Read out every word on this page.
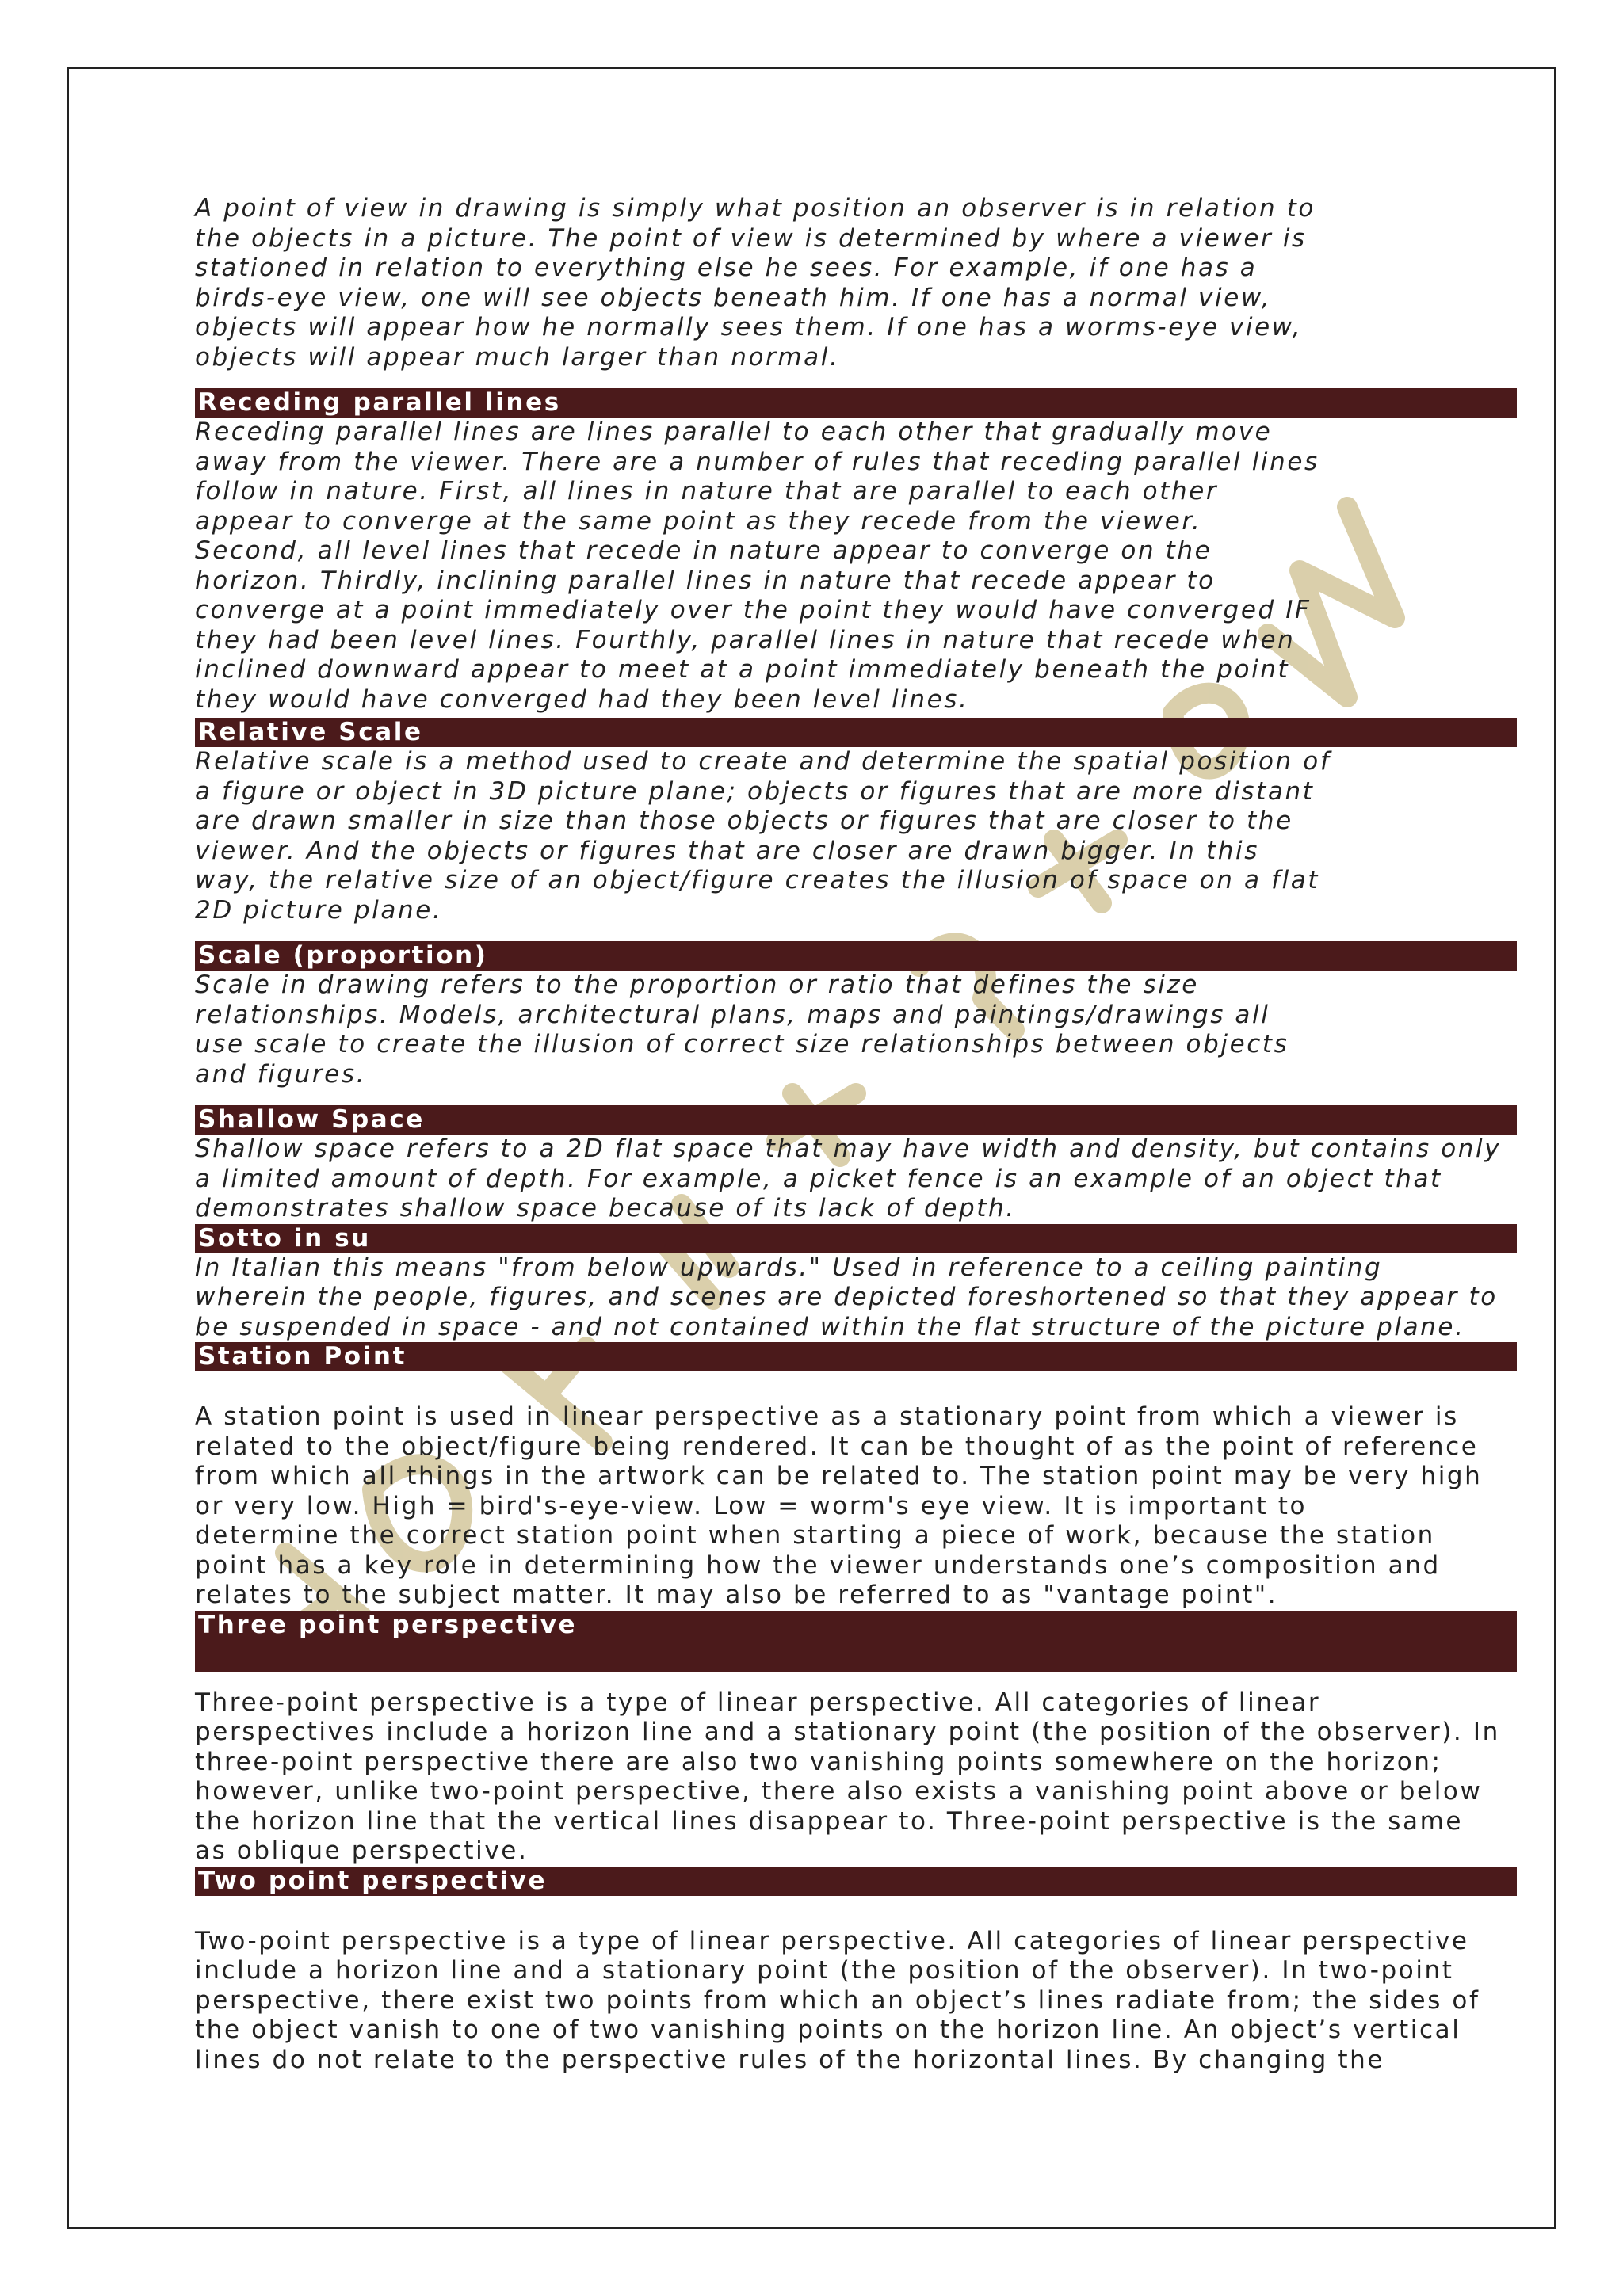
A point of view in drawing is simply what position an observer is in relation to
the objects in a picture. The point of view is determined by where a viewer is
stationed in relation to everything else he sees. For example, if one has a
birds-eye view, one will see objects beneath him. If one has a normal view,
objects will appear how he normally sees them. If one has a worms-eye view,
objects will appear much larger than normal.

Receding parallel lines

Receding parallel lines are lines parallel to each other that gradually move
away from the viewer. There are a number of rules that receding parallel lines
follow in nature. First, all lines in nature that are parallel to each other
appear to converge at the same point as they recede from the viewer.
Second, all level lines that recede in nature appear to converge on the
horizon. Thirdly, inclining parallel lines in nature that recede appear to
converge at a point immediately over the point they would have converged IF
they had been level lines. Fourthly, parallel lines in nature that recede when
inclined downward appear to meet at a point immediately beneath the point
they would have converged had they been level lines.

Relative Scale

Relative scale is a method used to create and determine the spatial position of
a figure or object in 3D picture plane; objects or figures that are more distant
are drawn smaller in size than those objects or figures that are closer to the
viewer. And the objects or figures that are closer are drawn bigger. In this
way, the relative size of an object/figure creates the illusion of space on a flat
2D picture plane.

Scale (proportion)

Scale in drawing refers to the proportion or ratio that defines the size
relationships. Models, architectural plans, maps and paintings/drawings all
use scale to create the illusion of correct size relationships between objects
and figures.

Shallow Space

Shallow space refers to a 2D flat space that may have width and density, but contains only
a limited amount of depth. For example, a picket fence is an example of an object that
demonstrates shallow space because of its lack of depth.

Sotto in su

In Italian this means "from below upwards." Used in reference to a ceiling painting
wherein the people, figures, and scenes are depicted foreshortened so that they appear to
be suspended in space - and not contained within the flat structure of the picture plane.

Station Point

A station point is used in linear perspective as a stationary point from which a viewer is
related to the object/figure being rendered. It can be thought of as the point of reference
from which all things in the artwork can be related to. The station point may be very high
or very low. High = bird's-eye-view. Low = worm's eye view. It is important to
determine the correct station point when starting a piece of work, because the station
point has a key role in determining how the viewer understands one’s composition and
relates to the subject matter. It may also be referred to as "vantage point".

Three point perspective

Three-point perspective is a type of linear perspective. All categories of linear
perspectives include a horizon line and a stationary point (the position of the observer). In
three-point perspective there are also two vanishing points somewhere on the horizon;
however, unlike two-point perspective, there also exists a vanishing point above or below
the horizon line that the vertical lines disappear to. Three-point perspective is the same
as oblique perspective.

Two point perspective

Two-point perspective is a type of linear perspective. All categories of linear perspective
include a horizon line and a stationary point (the position of the observer). In two-point
perspective, there exist two points from which an object’s lines radiate from; the sides of
the object vanish to one of two vanishing points on the horizon line. An object’s vertical
lines do not relate to the perspective rules of the horizontal lines. By changing the
